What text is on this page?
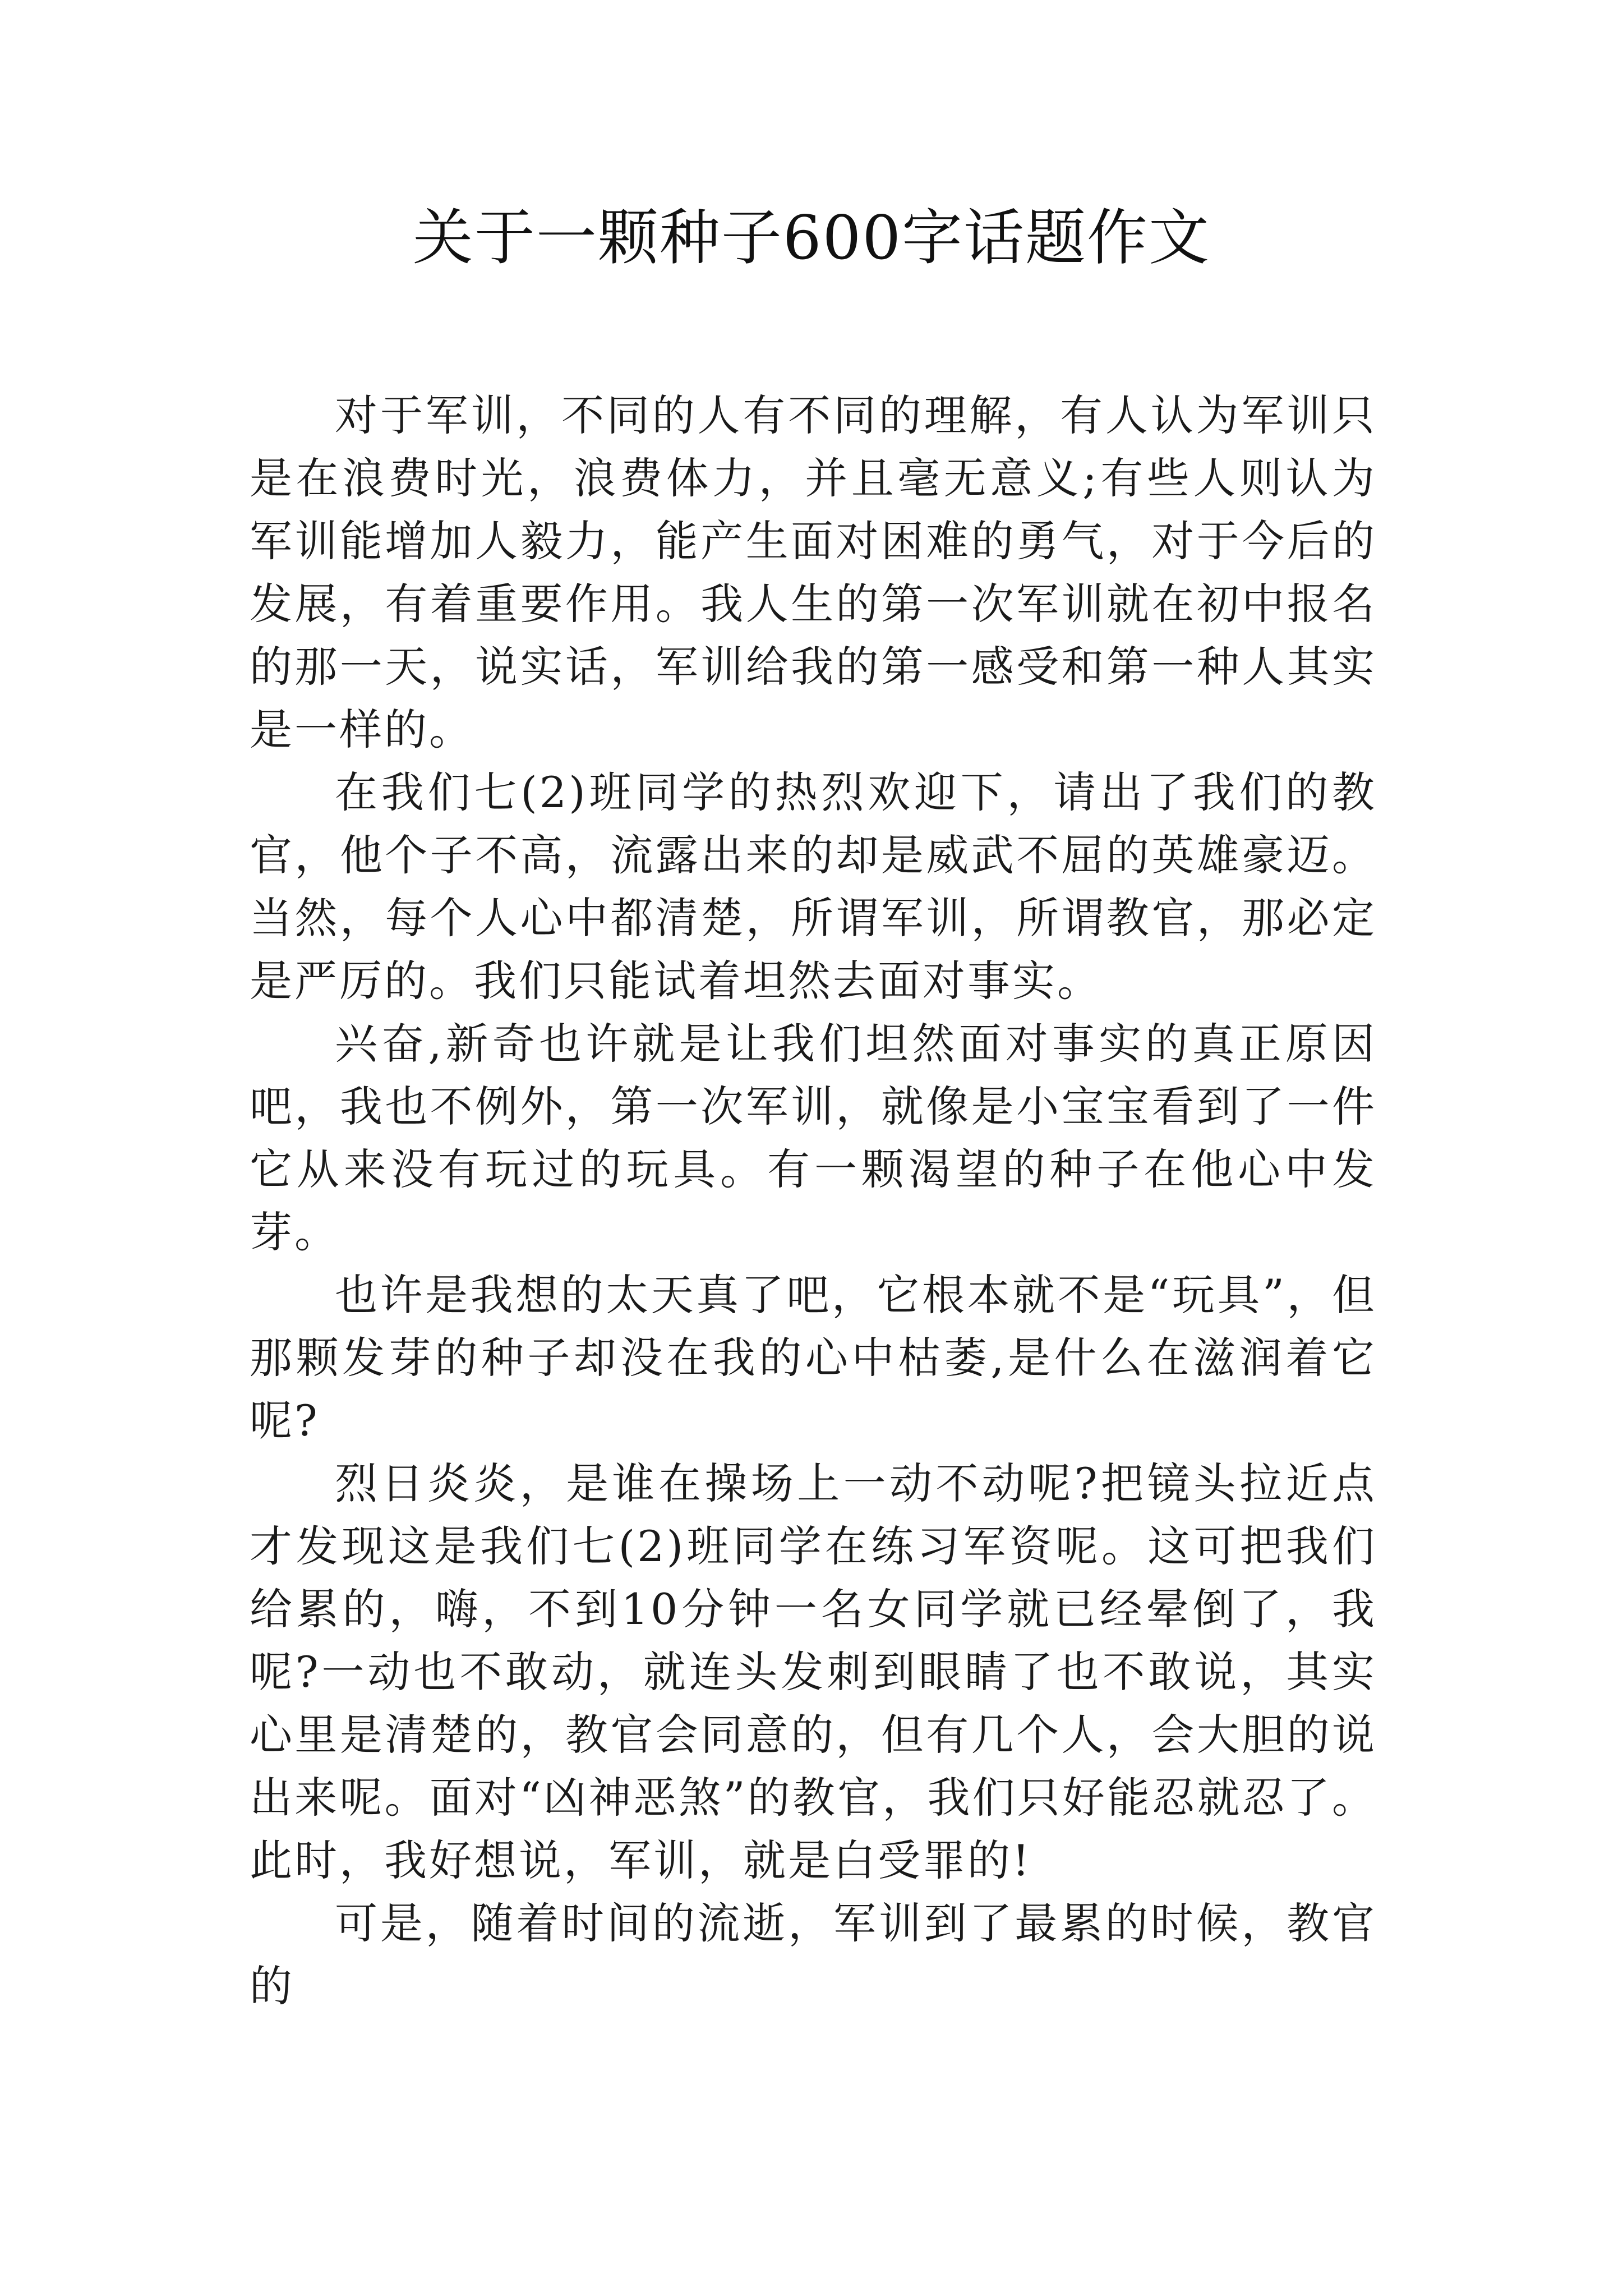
关于一颗种子600字话题作文

对于军训，不同的人有不同的理解，有人认为军训只是在浪费时光，浪费体力，并且毫无意义;有些人则认为军训能增加人毅力，能产生面对困难的勇气，对于今后的发展，有着重要作用。我人生的第一次军训就在初中报名的那一天，说实话，军训给我的第一感受和第一种人其实是一样的。

在我们七(2)班同学的热烈欢迎下，请出了我们的教官，他个子不高，流露出来的却是威武不屈的英雄豪迈。当然，每个人心中都清楚，所谓军训，所谓教官，那必定是严厉的。我们只能试着坦然去面对事实。

兴奋,新奇也许就是让我们坦然面对事实的真正原因吧，我也不例外，第一次军训，就像是小宝宝看到了一件它从来没有玩过的玩具。有一颗渴望的种子在他心中发芽。

也许是我想的太天真了吧，它根本就不是“玩具”，但那颗发芽的种子却没在我的心中枯萎,是什么在滋润着它呢?

烈日炎炎，是谁在操场上一动不动呢?把镜头拉近点才发现这是我们七(2)班同学在练习军资呢。这可把我们给累的，嗨，不到10分钟一名女同学就已经晕倒了，我呢?一动也不敢动，就连头发刺到眼睛了也不敢说，其实心里是清楚的，教官会同意的，但有几个人，会大胆的说出来呢。面对“凶神恶煞”的教官，我们只好能忍就忍了。此时，我好想说，军训，就是白受罪的!

可是，随着时间的流逝，军训到了最累的时候，教官的
